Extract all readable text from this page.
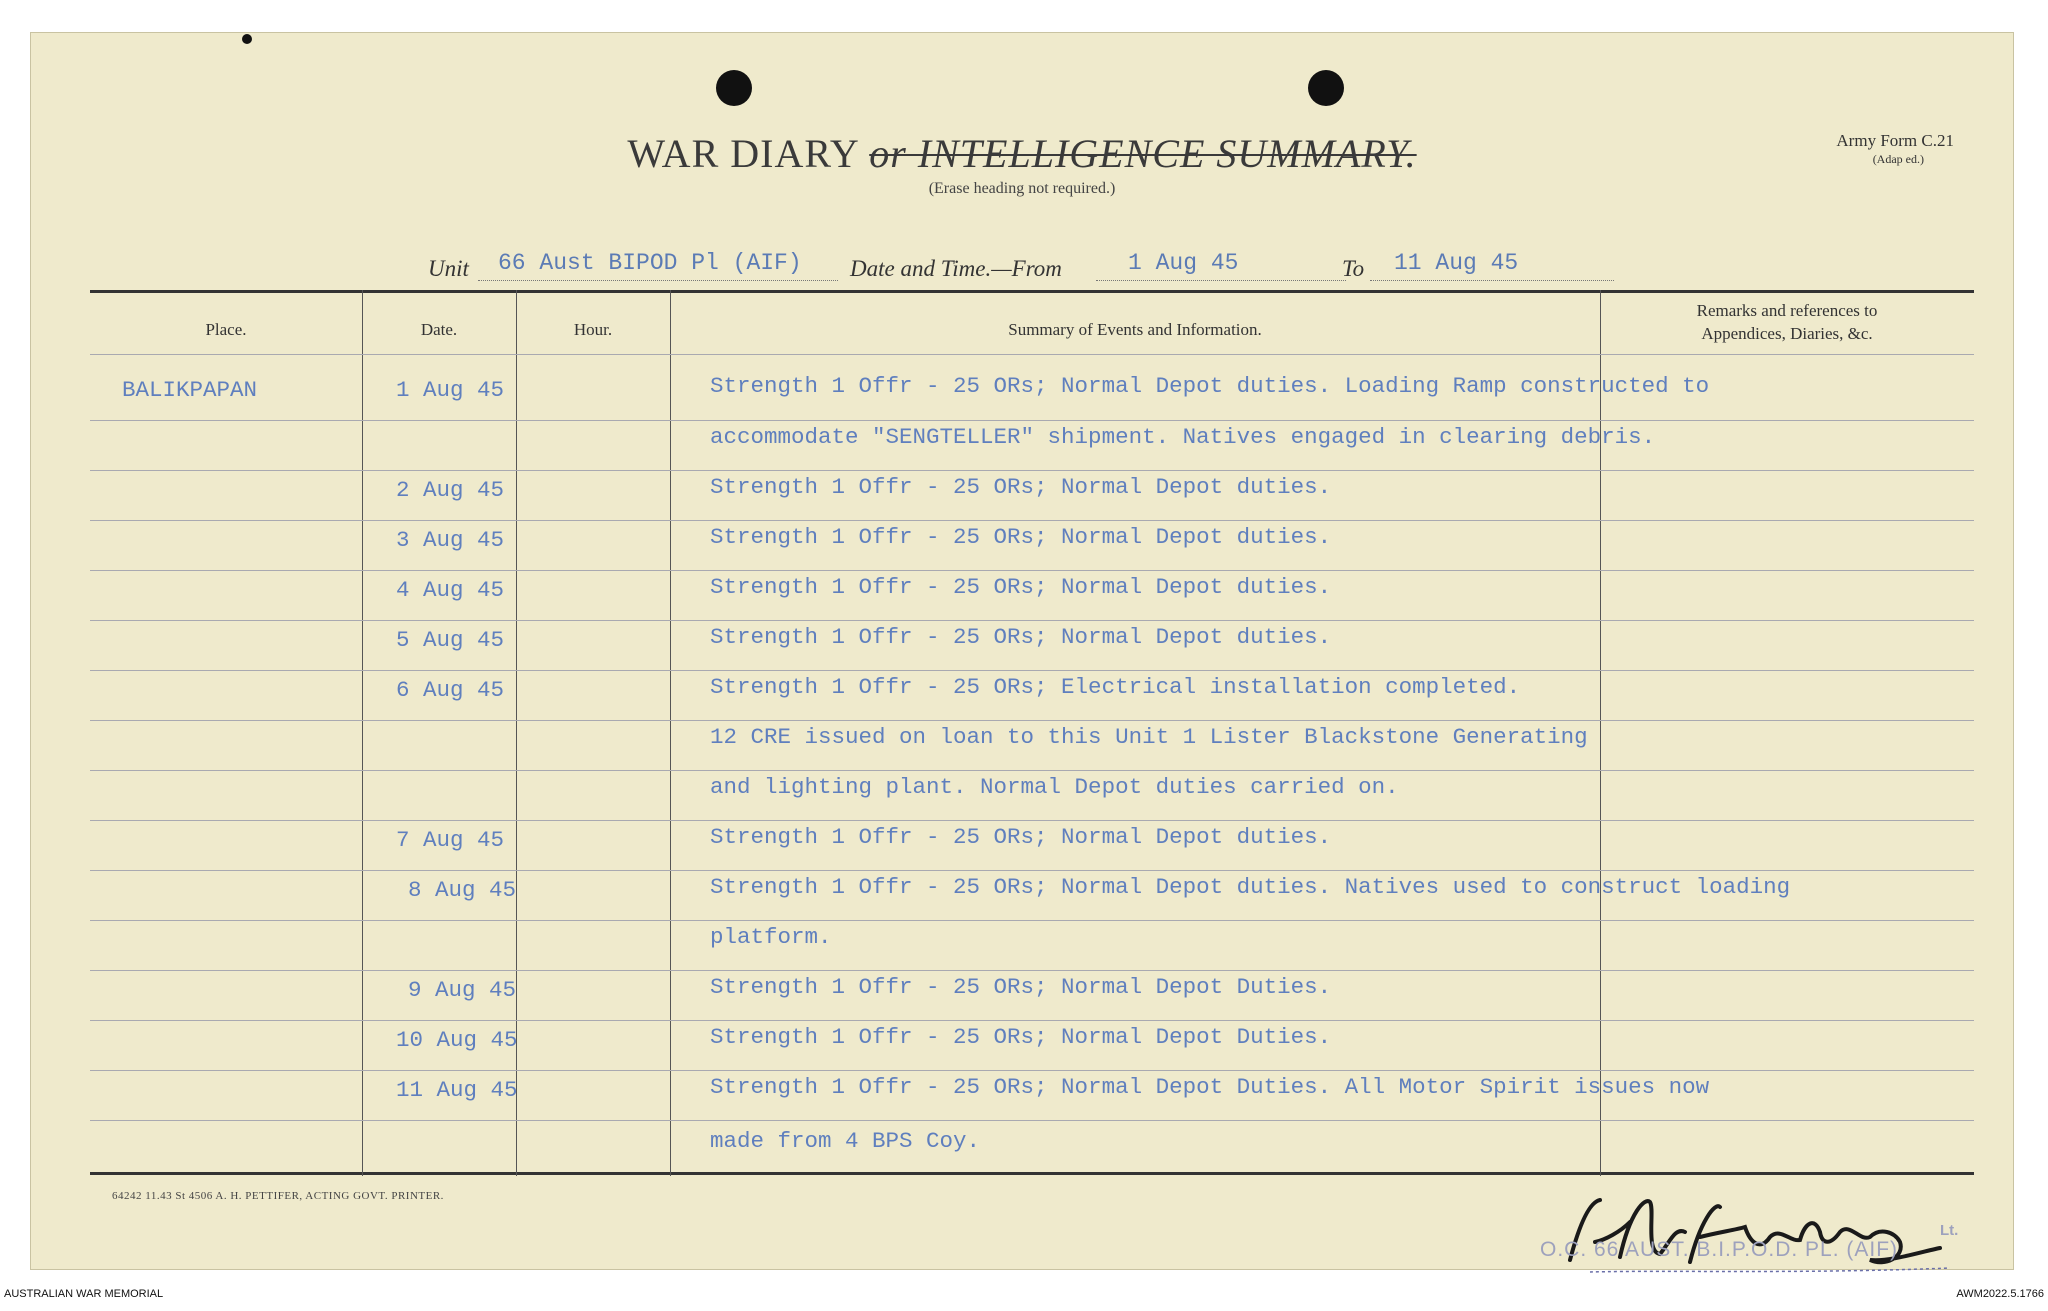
WAR DIARY or INTELLIGENCE SUMMARY.
(Erase heading not required.)
Army Form C.21
(Adap ed.)
Unit 66 Aust BIPOD Pl (AIF) Date and Time.—From	1 Aug 45	To 11 Aug 45
Place.	Date.	Hour.	Summary of Events and Information.
Remarks and references to
Appendices, Diaries, &c.
BALIKPAPAN	1 Aug 45	Strength 1 Offr - 25 ORs; Normal Depot duties. Loading Ramp constructed to
accommodate "SENGTELLER" shipment. Natives engaged in clearing debris.
2 Aug 45	Strength 1 Offr - 25 ORs; Normal Depot duties.
3 Aug 45	Strength 1 Offr - 25 ORs; Normal Depot duties.
4 Aug 45	Strength 1 Offr - 25 ORs; Normal Depot duties.
5 Aug 45	Strength 1 Offr - 25 ORs; Normal Depot duties.
6 Aug 45	Strength 1 Offr - 25 ORs; Electrical installation completed.
12 CRE issued on loan to this Unit 1 Lister Blackstone Generating
and lighting plant. Normal Depot duties carried on.
7 Aug 45	Strength 1 Offr - 25 ORs; Normal Depot duties.
8 Aug 45	Strength 1 Offr - 25 ORs; Normal Depot duties. Natives used to construct loading
platform.
9 Aug 45	Strength 1 Offr - 25 ORs; Normal Depot Duties.
10 Aug 45	Strength 1 Offr - 25 ORs; Normal Depot Duties.
11 Aug 45	Strength 1 Offr - 25 ORs; Normal Depot Duties. All Motor Spirit issues now
made from 4 BPS Coy.
64242 11.43 St 4506 A. H. PETTIFER, ACTING GOVT. PRINTER.
Lt.
O.C. 66 AUST. B.I.P.O.D. PL. (AIF)
AUSTRALIAN WAR MEMORIAL	AWM2022.5.1766
